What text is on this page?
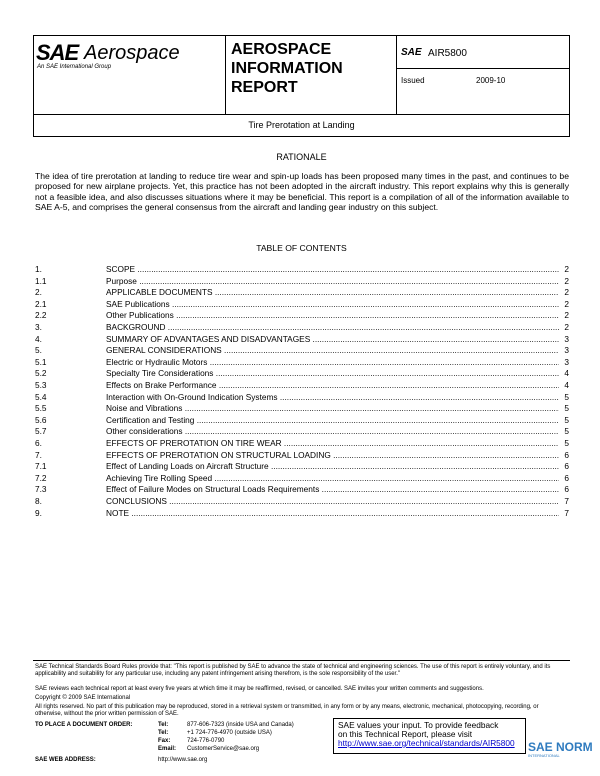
SAE Aerospace
An SAE International Group
AEROSPACE
INFORMATION
REPORT
SAE AIR5800
Issued	2009-10
Tire Prerotation at Landing
RATIONALE
The idea of tire prerotation at landing to reduce tire wear and spin-up loads has been proposed many times in the past, and continues to be proposed for new airplane projects. Yet, this practice has not been adopted in the aircraft industry. This report explains why this is generally not a feasible idea, and also discusses situations where it may be beneficial. This report is a compilation of all of the information available to SAE A-5, and comprises the general consensus from the aircraft and landing gear industry on this subject.
TABLE OF CONTENTS
1.	SCOPE .....	2
1.1	Purpose .....	2
2.	APPLICABLE DOCUMENTS .....	2
2.1	SAE Publications .....	2
2.2	Other Publications .....	2
3.	BACKGROUND .....	2
4.	SUMMARY OF ADVANTAGES AND DISADVANTAGES .....	3
5.	GENERAL CONSIDERATIONS .....	3
5.1	Electric or Hydraulic Motors .....	3
5.2	Specialty Tire Considerations .....	4
5.3	Effects on Brake Performance .....	4
5.4	Interaction with On-Ground Indication Systems .....	5
5.5	Noise and Vibrations .....	5
5.6	Certification and Testing .....	5
5.7	Other considerations .....	5
6.	EFFECTS OF PREROTATION ON TIRE WEAR .....	5
7.	EFFECTS OF PREROTATION ON STRUCTURAL LOADING .....	6
7.1	Effect of Landing Loads on Aircraft Structure .....	6
7.2	Achieving Tire Rolling Speed .....	6
7.3	Effect of Failure Modes on Structural Loads Requirements .....	6
8.	CONCLUSIONS .....	7
9.	NOTE .....	7
SAE Technical Standards Board Rules provide that: "This report is published by SAE to advance the state of technical and engineering sciences. The use of this report is entirely voluntary, and its applicability and suitability for any particular use, including any patent infringement arising therefrom, is the sole responsibility of the user."
SAE reviews each technical report at least every five years at which time it may be reaffirmed, revised, or cancelled. SAE invites your written comments and suggestions.
Copyright © 2009 SAE International
All rights reserved. No part of this publication may be reproduced, stored in a retrieval system or transmitted, in any form or by any means, electronic, mechanical, photocopying, recording, or otherwise, without the prior written permission of SAE.
TO PLACE A DOCUMENT ORDER:	Tel:	877-606-7323 (inside USA and Canada)
Tel:	+1 724-776-4970 (outside USA)
Fax:	724-776-0790
Email: CustomerService@sae.org
SAE WEB ADDRESS:	http://www.sae.org
SAE values your input. To provide feedback
on this Technical Report, please visit
http://www.sae.org/technical/standards/AIR5800	SAE NORM
INTERNATIONAL
